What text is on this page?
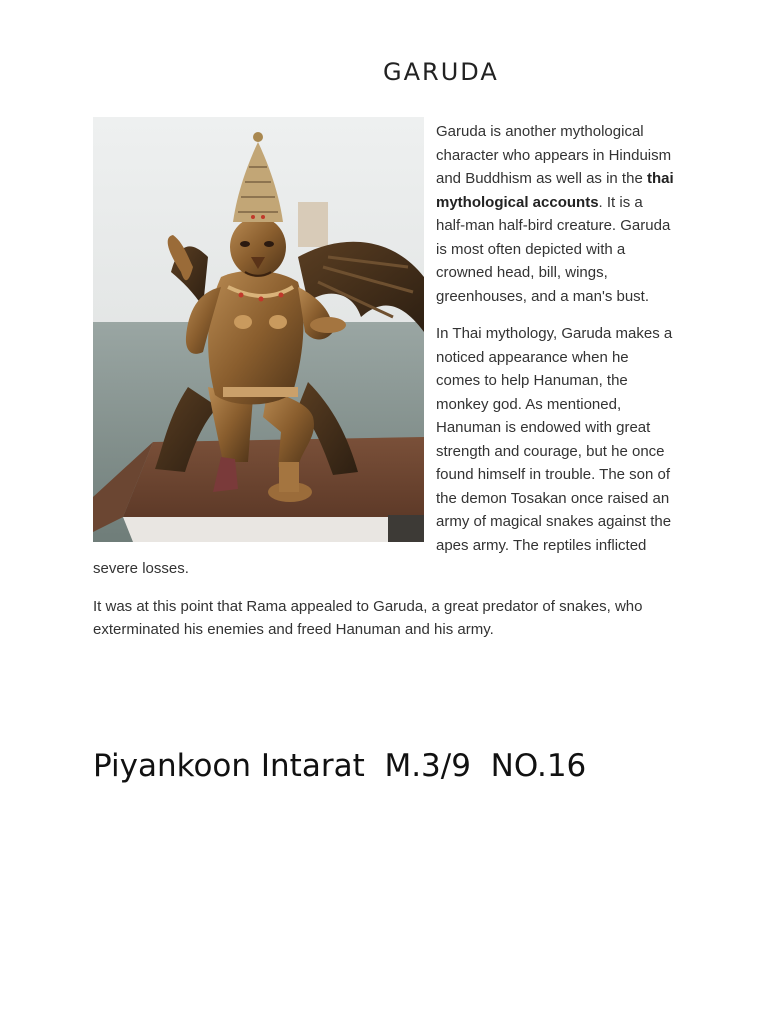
GARUDA

Garuda is another mythological character who appears in Hinduism and Buddhism as well as in the thai mythological accounts. It is a half-man half-bird creature. Garuda is most often depicted with a crowned head, bill, wings, greenhouses, and a man's bust.

In Thai mythology, Garuda makes a noticed appearance when he comes to help Hanuman, the monkey god. As mentioned, Hanuman is endowed with great strength and courage, but he once found himself in trouble. The son of the demon Tosakan once raised an army of magical snakes against the apes army. The reptiles inflicted severe losses.

It was at this point that Rama appealed to Garuda, a great predator of snakes, who exterminated his enemies and freed Hanuman and his army.

Piyankoon Intarat  M.3/9  NO.16
